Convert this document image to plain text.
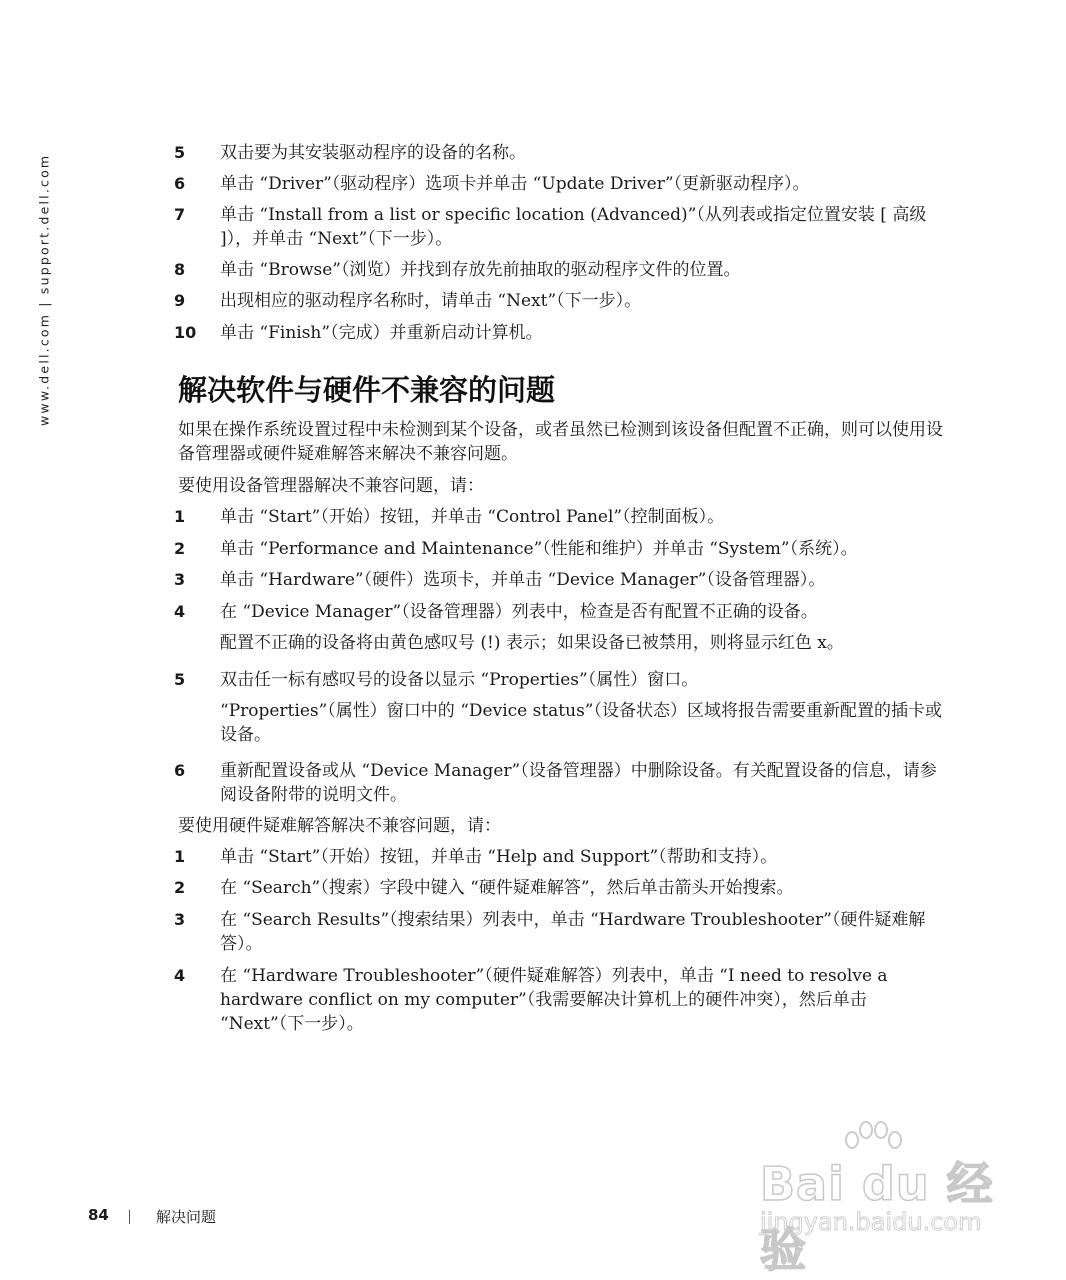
www.dell.com | support.dell.com
5	双击要为其安装驱动程序的设备的名称。
6	单击 “Driver”（驱动程序）选项卡并单击 “Update Driver”（更新驱动程序）。
7	单击 “Install from a list or specific location (Advanced)”（从列表或指定位置安装 [ 高级 ]），并单击 “Next”（下一步）。
8	单击 “Browse”（浏览）并找到存放先前抽取的驱动程序文件的位置。
9	出现相应的驱动程序名称时，请单击 “Next”（下一步）。
10	单击 “Finish”（完成）并重新启动计算机。
解决软件与硬件不兼容的问题
如果在操作系统设置过程中未检测到某个设备，或者虽然已检测到该设备但配置不正确，则可以使用设备管理器或硬件疑难解答来解决不兼容问题。
要使用设备管理器解决不兼容问题，请：
1	单击 “Start”（开始）按钮，并单击 “Control Panel”（控制面板）。
2	单击 “Performance and Maintenance”（性能和维护）并单击 “System”（系统）。
3	单击 “Hardware”（硬件）选项卡，并单击 “Device Manager”（设备管理器）。
4	在 “Device Manager”（设备管理器）列表中，检查是否有配置不正确的设备。
配置不正确的设备将由黄色感叹号 (!) 表示；如果设备已被禁用，则将显示红色 x。
5	双击任一标有感叹号的设备以显示 “Properties”（属性）窗口。
“Properties”（属性）窗口中的 “Device status”（设备状态）区域将报告需要重新配置的插卡或设备。
6	重新配置设备或从 “Device Manager”（设备管理器）中删除设备。有关配置设备的信息，请参阅设备附带的说明文件。
要使用硬件疑难解答解决不兼容问题，请：
1	单击 “Start”（开始）按钮，并单击 “Help and Support”（帮助和支持）。
2	在 “Search”（搜索）字段中键入 “硬件疑难解答”，然后单击箭头开始搜索。
3	在 “Search Results”（搜索结果）列表中，单击 “Hardware Troubleshooter”（硬件疑难解答）。
4	在 “Hardware Troubleshooter”（硬件疑难解答）列表中，单击 “I need to resolve a hardware conflict on my computer”（我需要解决计算机上的硬件冲突），然后单击 “Next”（下一步）。
Bai du 经验
jingyan.baidu.com
84	解决问题
